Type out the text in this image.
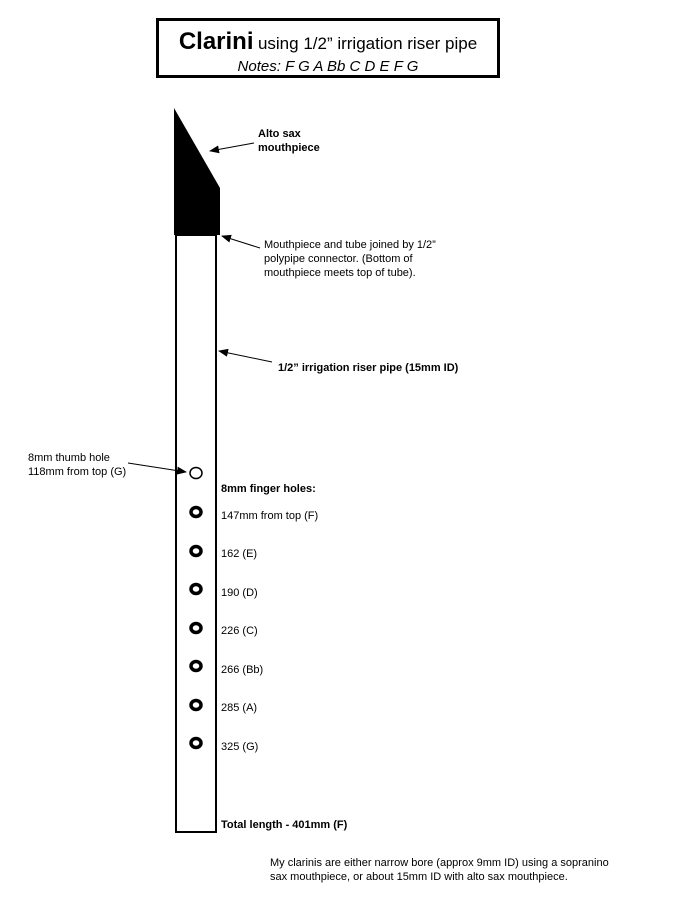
Clarini using 1/2” irrigation riser pipe
Notes: F G A Bb C D E F G
Alto sax
mouthpiece
Mouthpiece and tube joined by 1/2”
polypipe connector. (Bottom of
mouthpiece meets top of tube).
1/2” irrigation riser pipe (15mm ID)
8mm thumb hole
118mm from top (G)
8mm finger holes:
147mm from top (F)
162 (E)
190 (D)
226 (C)
266 (Bb)
285 (A)
325 (G)
Total length - 401mm (F)
My clarinis are either narrow bore (approx 9mm ID) using a sopranino
sax mouthpiece, or about 15mm ID with alto sax mouthpiece.
